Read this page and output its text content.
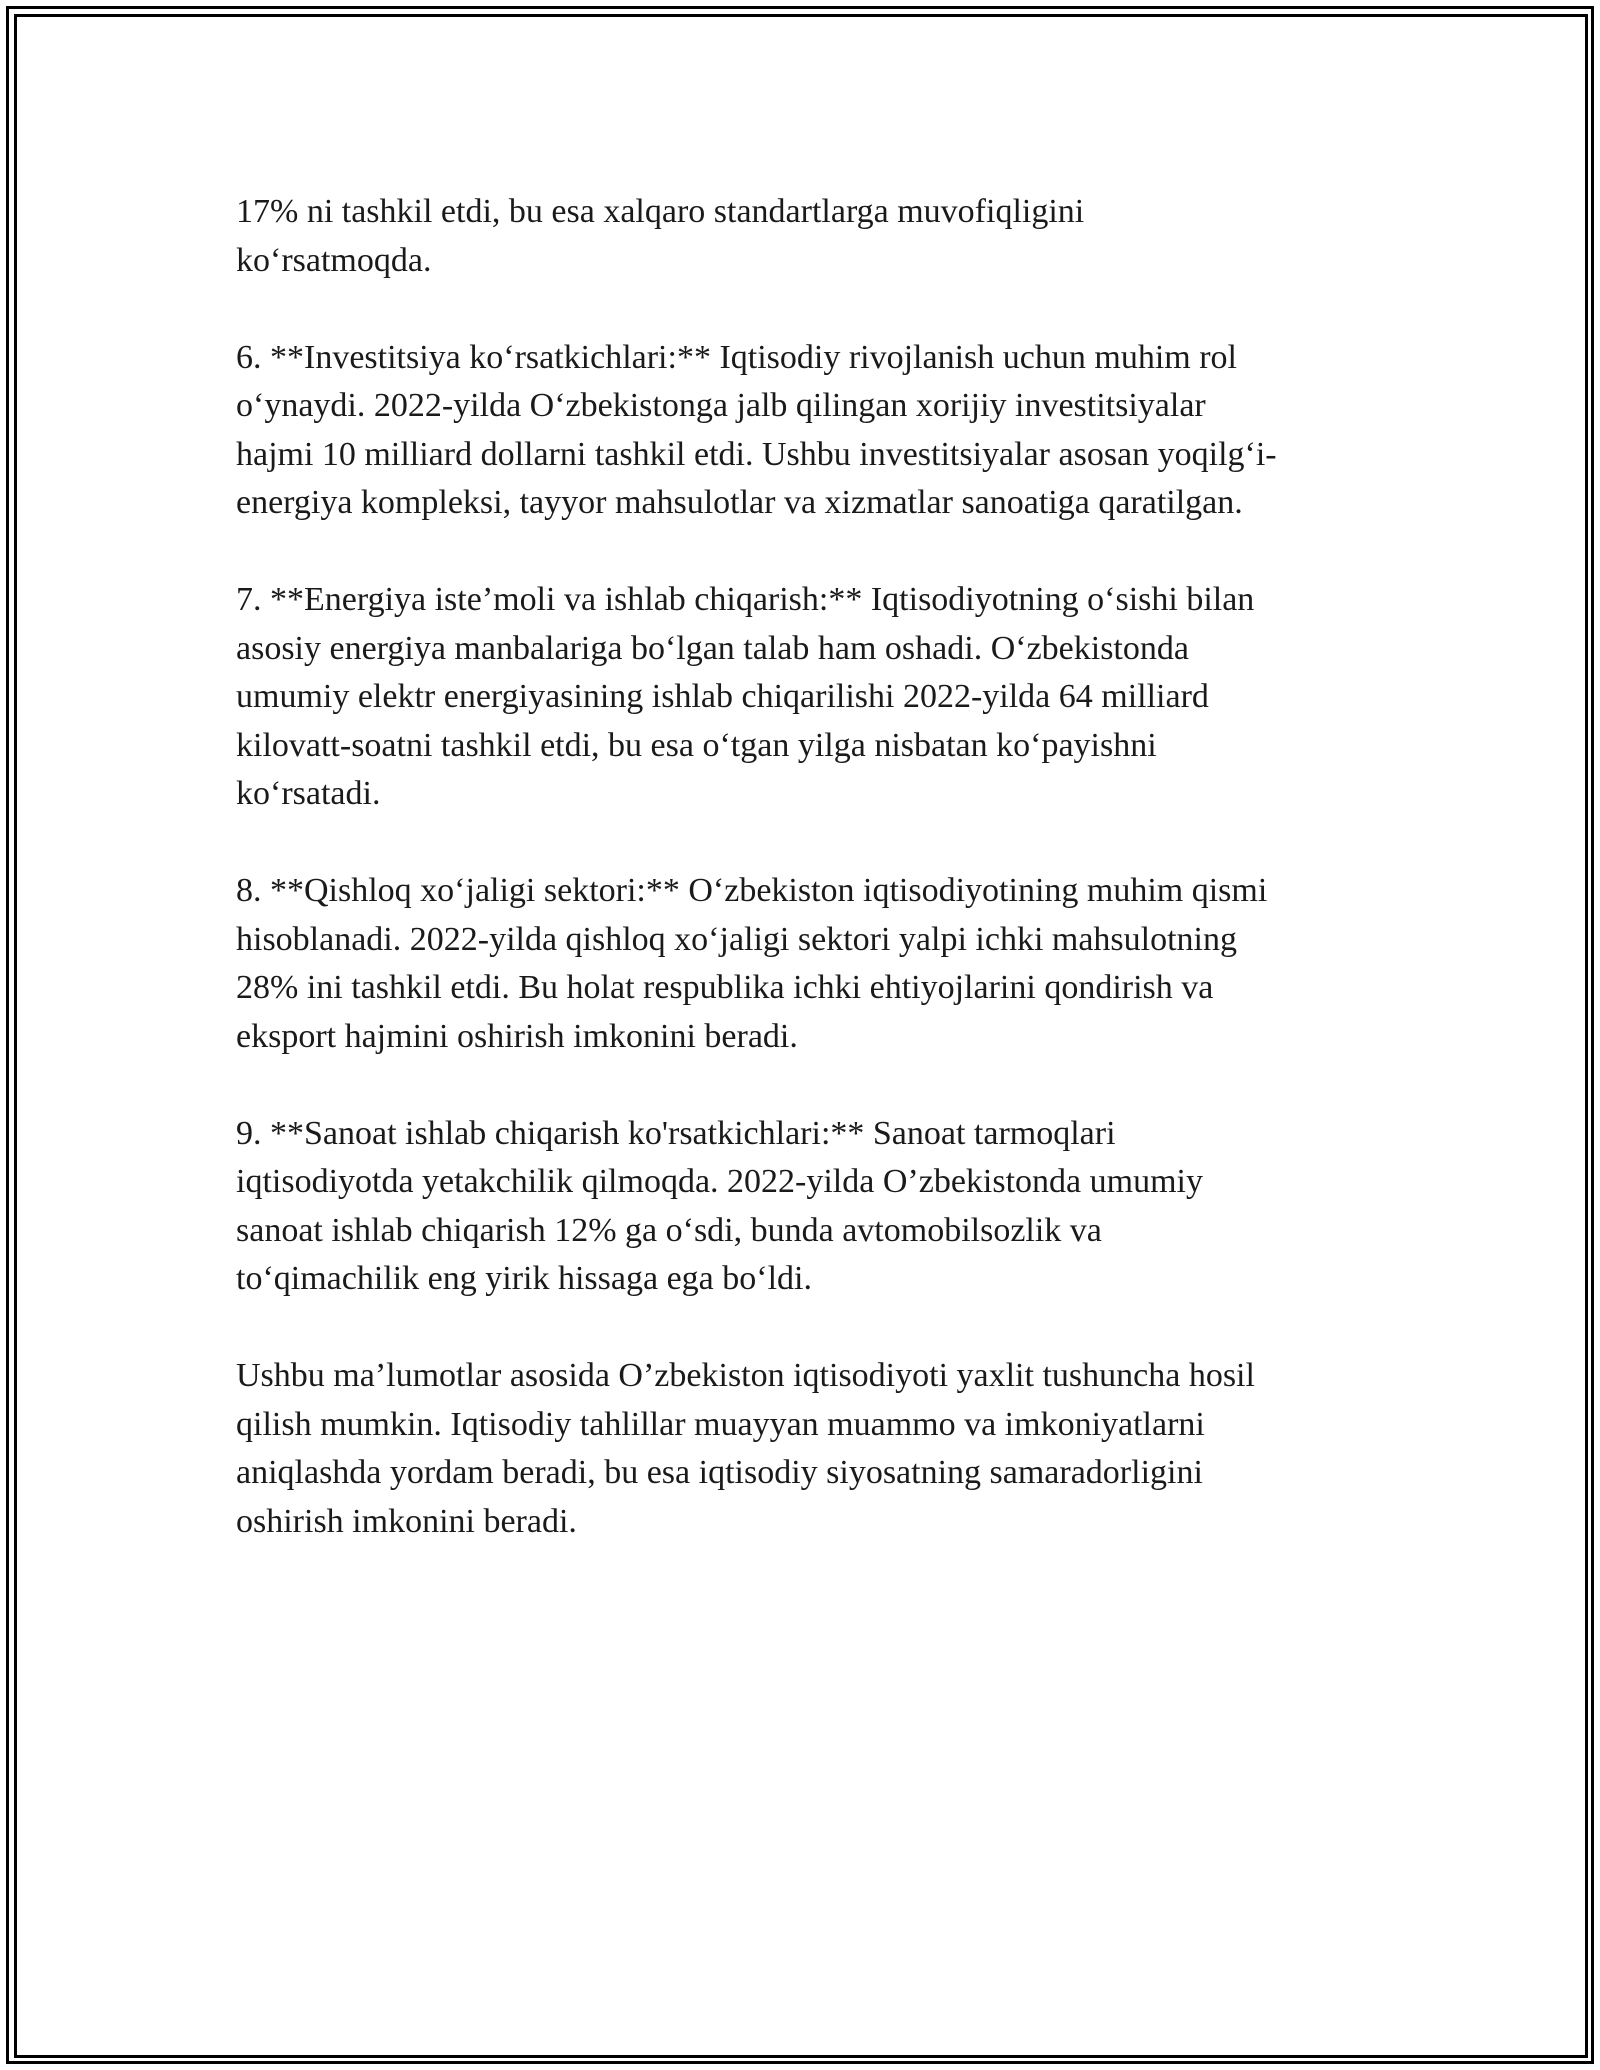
17% ni tashkil etdi, bu esa xalqaro standartlarga muvofiqligini
ko‘rsatmoqda.

6. **Investitsiya ko‘rsatkichlari:** Iqtisodiy rivojlanish uchun muhim rol
o‘ynaydi. 2022-yilda O‘zbekistonga jalb qilingan xorijiy investitsiyalar
hajmi 10 milliard dollarni tashkil etdi. Ushbu investitsiyalar asosan yoqilg‘i-
energiya kompleksi, tayyor mahsulotlar va xizmatlar sanoatiga qaratilgan.

7. **Energiya iste’moli va ishlab chiqarish:** Iqtisodiyotning o‘sishi bilan
asosiy energiya manbalariga bo‘lgan talab ham oshadi. O‘zbekistonda
umumiy elektr energiyasining ishlab chiqarilishi 2022-yilda 64 milliard
kilovatt-soatni tashkil etdi, bu esa o‘tgan yilga nisbatan ko‘payishni
ko‘rsatadi.

8. **Qishloq xo‘jaligi sektori:** O‘zbekiston iqtisodiyotining muhim qismi
hisoblanadi. 2022-yilda qishloq xo‘jaligi sektori yalpi ichki mahsulotning
28% ini tashkil etdi. Bu holat respublika ichki ehtiyojlarini qondirish va
eksport hajmini oshirish imkonini beradi.

9. **Sanoat ishlab chiqarish ko'rsatkichlari:** Sanoat tarmoqlari
iqtisodiyotda yetakchilik qilmoqda. 2022-yilda O’zbekistonda umumiy
sanoat ishlab chiqarish 12% ga o‘sdi, bunda avtomobilsozlik va
to‘qimachilik eng yirik hissaga ega bo‘ldi.

Ushbu ma’lumotlar asosida O’zbekiston iqtisodiyoti yaxlit tushuncha hosil
qilish mumkin. Iqtisodiy tahlillar muayyan muammo va imkoniyatlarni
aniqlashda yordam beradi, bu esa iqtisodiy siyosatning samaradorligini
oshirish imkonini beradi.
